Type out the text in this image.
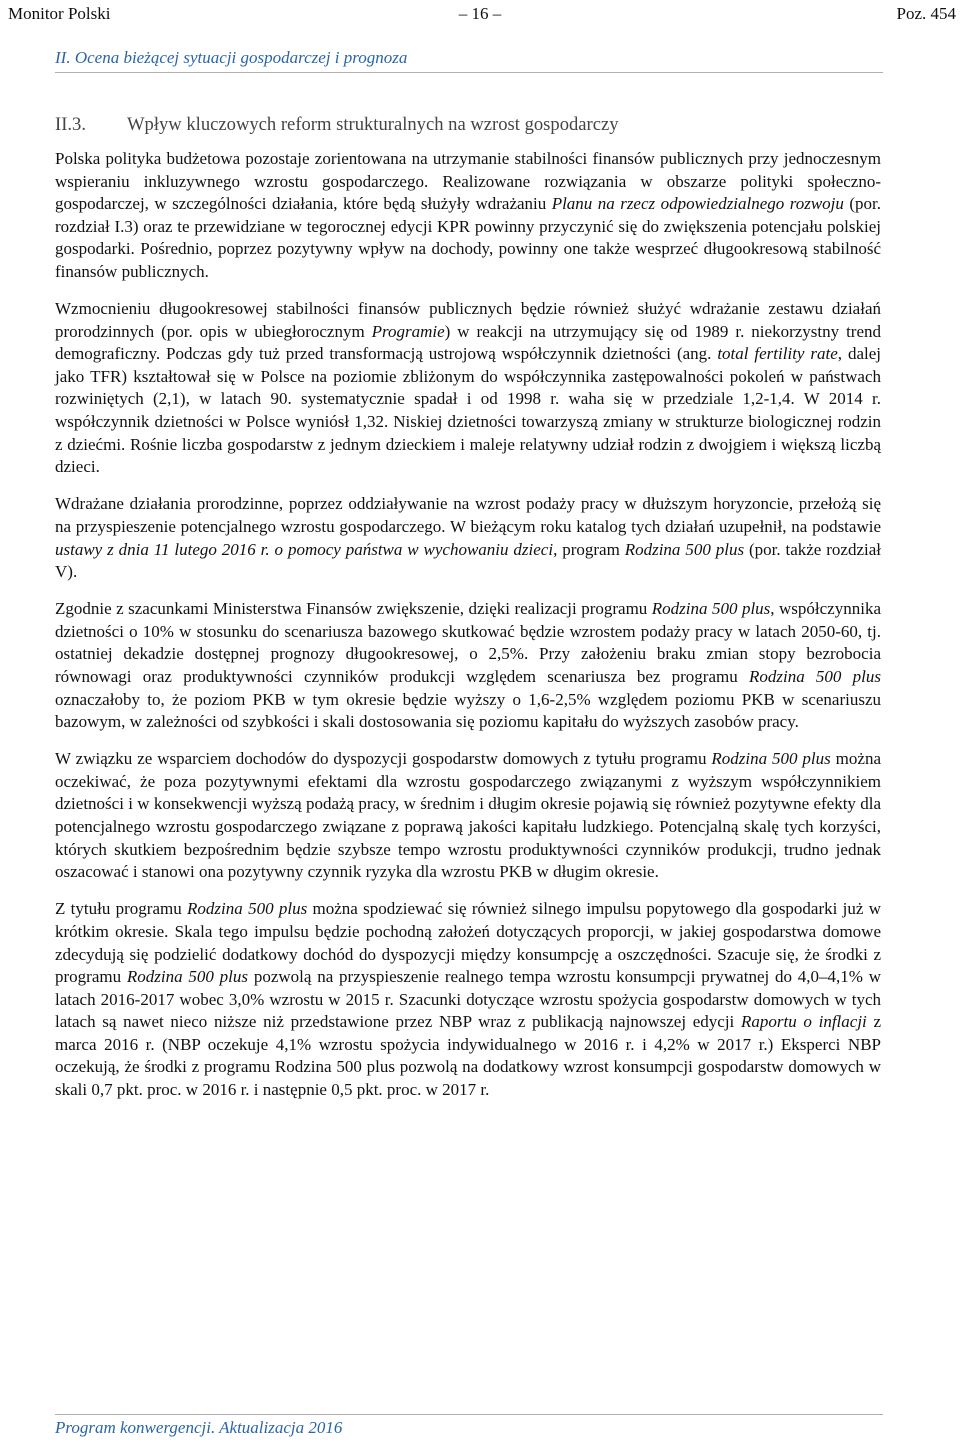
Monitor Polski	– 16 –	Poz. 454
II. Ocena bieżącej sytuacji gospodarczej i prognoza
II.3. Wpływ kluczowych reform strukturalnych na wzrost gospodarczy

Polska polityka budżetowa pozostaje zorientowana na utrzymanie stabilności finansów publicznych przy jednoczesnym wspieraniu inkluzywnego wzrostu gospodarczego. Realizowane rozwiązania w obszarze polityki społeczno-gospodarczej, w szczególności działania, które będą służyły wdrażaniu Planu na rzecz odpowiedzialnego rozwoju (por. rozdział I.3) oraz te przewidziane w tegorocznej edycji KPR powinny przyczynić się do zwiększenia potencjału polskiej gospodarki. Pośrednio, poprzez pozytywny wpływ na dochody, powinny one także wesprzeć długookresową stabilność finansów publicznych.

Wzmocnieniu długookresowej stabilności finansów publicznych będzie również służyć wdrażanie zestawu działań prorodzinnych (por. opis w ubiegłorocznym Programie) w reakcji na utrzymujący się od 1989 r. niekorzystny trend demograficzny. Podczas gdy tuż przed transformacją ustrojową współczynnik dzietności (ang. total fertility rate, dalej jako TFR) kształtował się w Polsce na poziomie zbliżonym do współczynnika zastępowalności pokoleń w państwach rozwiniętych (2,1), w latach 90. systematycznie spadał i od 1998 r. waha się w przedziale 1,2-1,4. W 2014 r. współczynnik dzietności w Polsce wyniósł 1,32. Niskiej dzietności towarzyszą zmiany w strukturze biologicznej rodzin z dziećmi. Rośnie liczba gospodarstw z jednym dzieckiem i maleje relatywny udział rodzin z dwojgiem i większą liczbą dzieci.

Wdrażane działania prorodzinne, poprzez oddziaływanie na wzrost podaży pracy w dłuższym horyzoncie, przełożą się na przyspieszenie potencjalnego wzrostu gospodarczego. W bieżącym roku katalog tych działań uzupełnił, na podstawie ustawy z dnia 11 lutego 2016 r. o pomocy państwa w wychowaniu dzieci, program Rodzina 500 plus (por. także rozdział V).

Zgodnie z szacunkami Ministerstwa Finansów zwiększenie, dzięki realizacji programu Rodzina 500 plus, współczynnika dzietności o 10% w stosunku do scenariusza bazowego skutkować będzie wzrostem podaży pracy w latach 2050-60, tj. ostatniej dekadzie dostępnej prognozy długookresowej, o 2,5%. Przy założeniu braku zmian stopy bezrobocia równowagi oraz produktywności czynników produkcji względem scenariusza bez programu Rodzina 500 plus oznaczałoby to, że poziom PKB w tym okresie będzie wyższy o 1,6-2,5% względem poziomu PKB w scenariuszu bazowym, w zależności od szybkości i skali dostosowania się poziomu kapitału do wyższych zasobów pracy.

W związku ze wsparciem dochodów do dyspozycji gospodarstw domowych z tytułu programu Rodzina 500 plus można oczekiwać, że poza pozytywnymi efektami dla wzrostu gospodarczego związanymi z wyższym współczynnikiem dzietności i w konsekwencji wyższą podażą pracy, w średnim i długim okresie pojawią się również pozytywne efekty dla potencjalnego wzrostu gospodarczego związane z poprawą jakości kapitału ludzkiego. Potencjalną skalę tych korzyści, których skutkiem bezpośrednim będzie szybsze tempo wzrostu produktywności czynników produkcji, trudno jednak oszacować i stanowi ona pozytywny czynnik ryzyka dla wzrostu PKB w długim okresie.

Z tytułu programu Rodzina 500 plus można spodziewać się również silnego impulsu popytowego dla gospodarki już w krótkim okresie. Skala tego impulsu będzie pochodną założeń dotyczących proporcji, w jakiej gospodarstwa domowe zdecydują się podzielić dodatkowy dochód do dyspozycji między konsumpcję a oszczędności. Szacuje się, że środki z programu Rodzina 500 plus pozwolą na przyspieszenie realnego tempa wzrostu konsumpcji prywatnej do 4,0–4,1% w latach 2016-2017 wobec 3,0% wzrostu w 2015 r. Szacunki dotyczące wzrostu spożycia gospodarstw domowych w tych latach są nawet nieco niższe niż przedstawione przez NBP wraz z publikacją najnowszej edycji Raportu o inflacji z marca 2016 r. (NBP oczekuje 4,1% wzrostu spożycia indywidualnego w 2016 r. i 4,2% w 2017 r.) Eksperci NBP oczekują, że środki z programu Rodzina 500 plus pozwolą na dodatkowy wzrost konsumpcji gospodarstw domowych w skali 0,7 pkt. proc. w 2016 r. i następnie 0,5 pkt. proc. w 2017 r.

Program konwergencji. Aktualizacja 2016
